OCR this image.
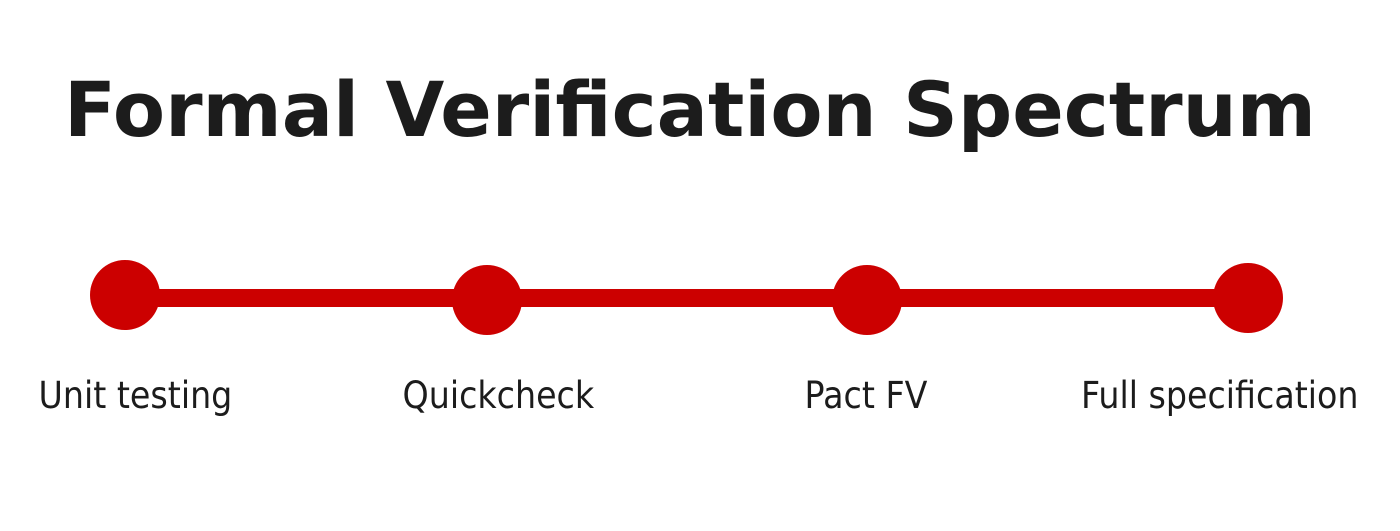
Formal Verification Spectrum
Unit testing	Quickcheck	Pact FV	Full specification
